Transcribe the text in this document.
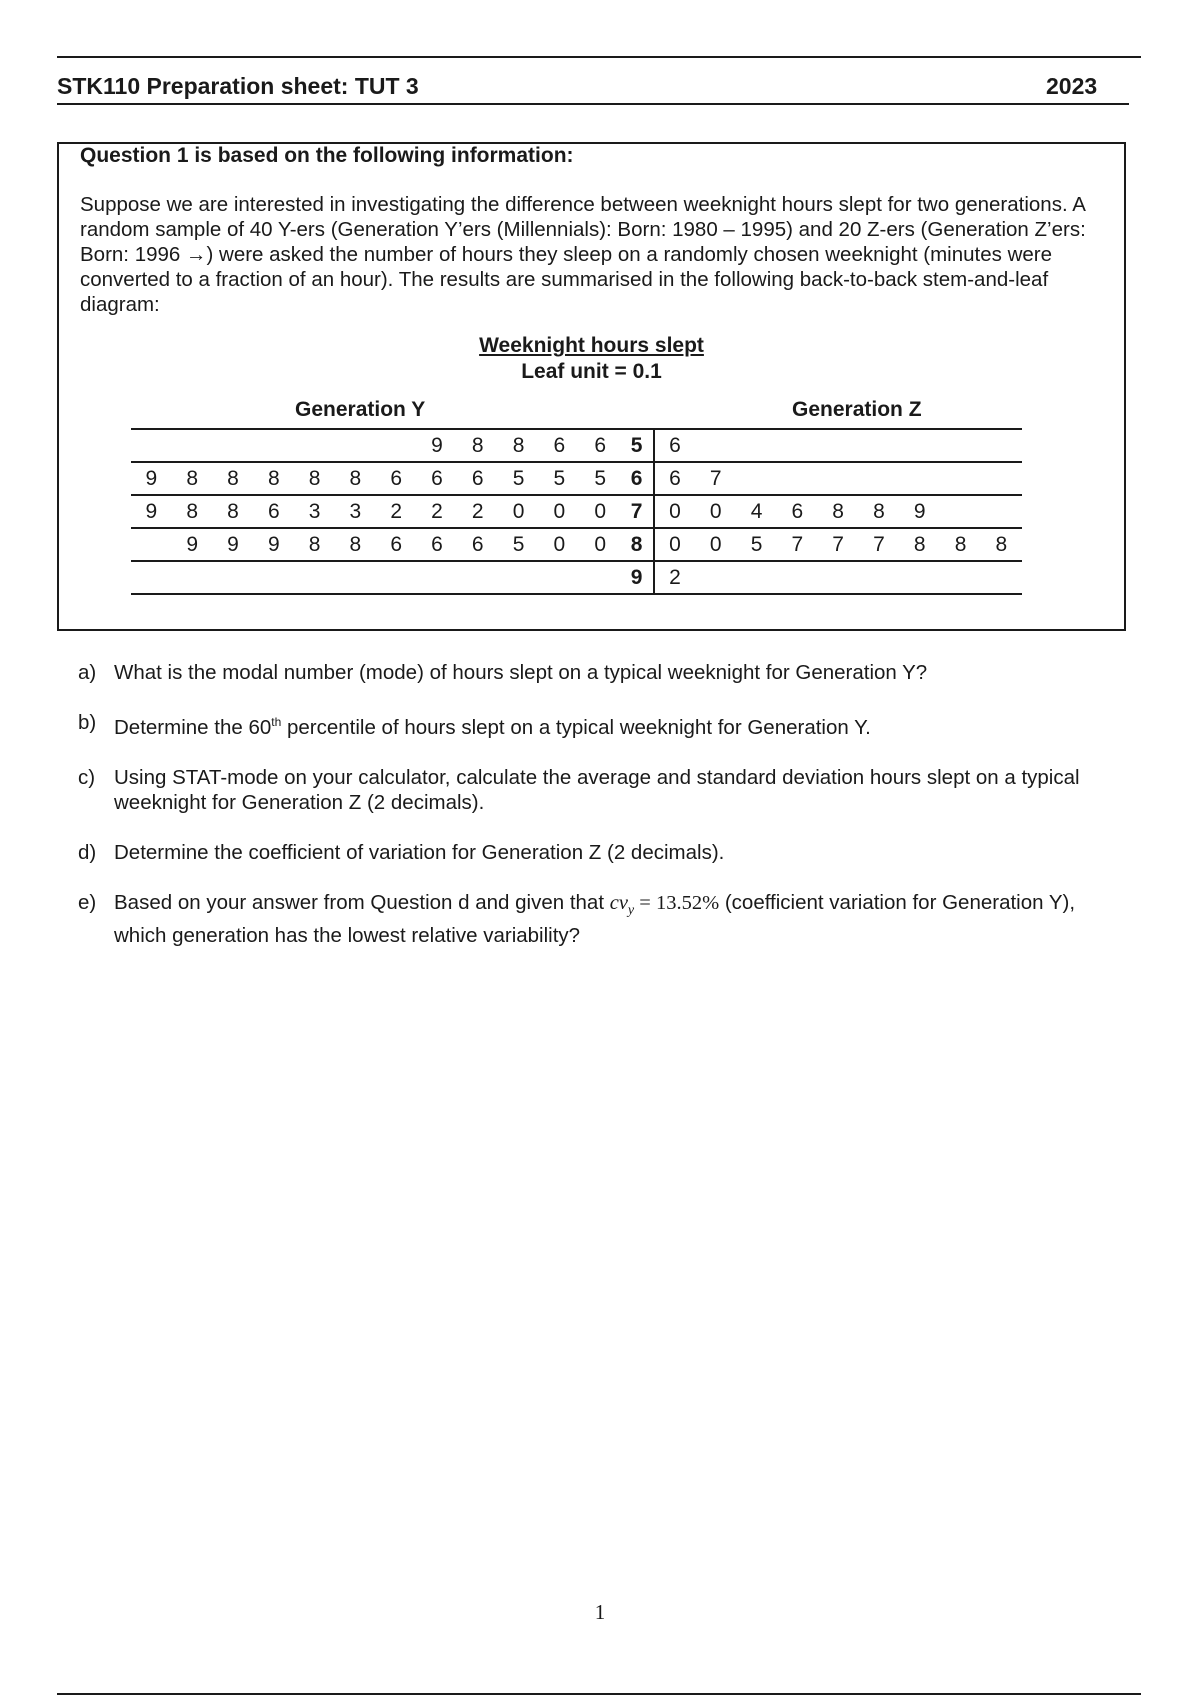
STK110 Preparation sheet: TUT 3	2023
Question 1 is based on the following information:

Suppose we are interested in investigating the difference between weeknight hours slept for two generations. A random sample of 40 Y-ers (Generation Y’ers (Millennials): Born: 1980 – 1995) and 20 Z-ers (Generation Z’ers: Born: 1996 →) were asked the number of hours they sleep on a randomly chosen weeknight (minutes were converted to a fraction of an hour). The results are summarised in the following back-to-back stem-and-leaf diagram:

Weeknight hours slept
Leaf unit = 0.1
Generation Y	Generation Z
							9	8	8	6	6	5	6								
9	8	8	8	8	8	6	6	6	5	5	5	6	6	7							
9	8	8	6	3	3	2	2	2	0	0	0	7	0	0	4	6	8	8	9		
	9	9	9	8	8	6	6	6	5	0	0	8	0	0	5	7	7	7	8	8	8
												9	2								
a) What is the modal number (mode) of hours slept on a typical weeknight for Generation Y?
b) Determine the 60th percentile of hours slept on a typical weeknight for Generation Y.
c) Using STAT-mode on your calculator, calculate the average and standard deviation hours slept on a typical weeknight for Generation Z (2 decimals).
d) Determine the coefficient of variation for Generation Z (2 decimals).
e) Based on your answer from Question d and given that $cv_y = 13.52\%$ (coefficient variation for Generation Y), which generation has the lowest relative variability?
1
